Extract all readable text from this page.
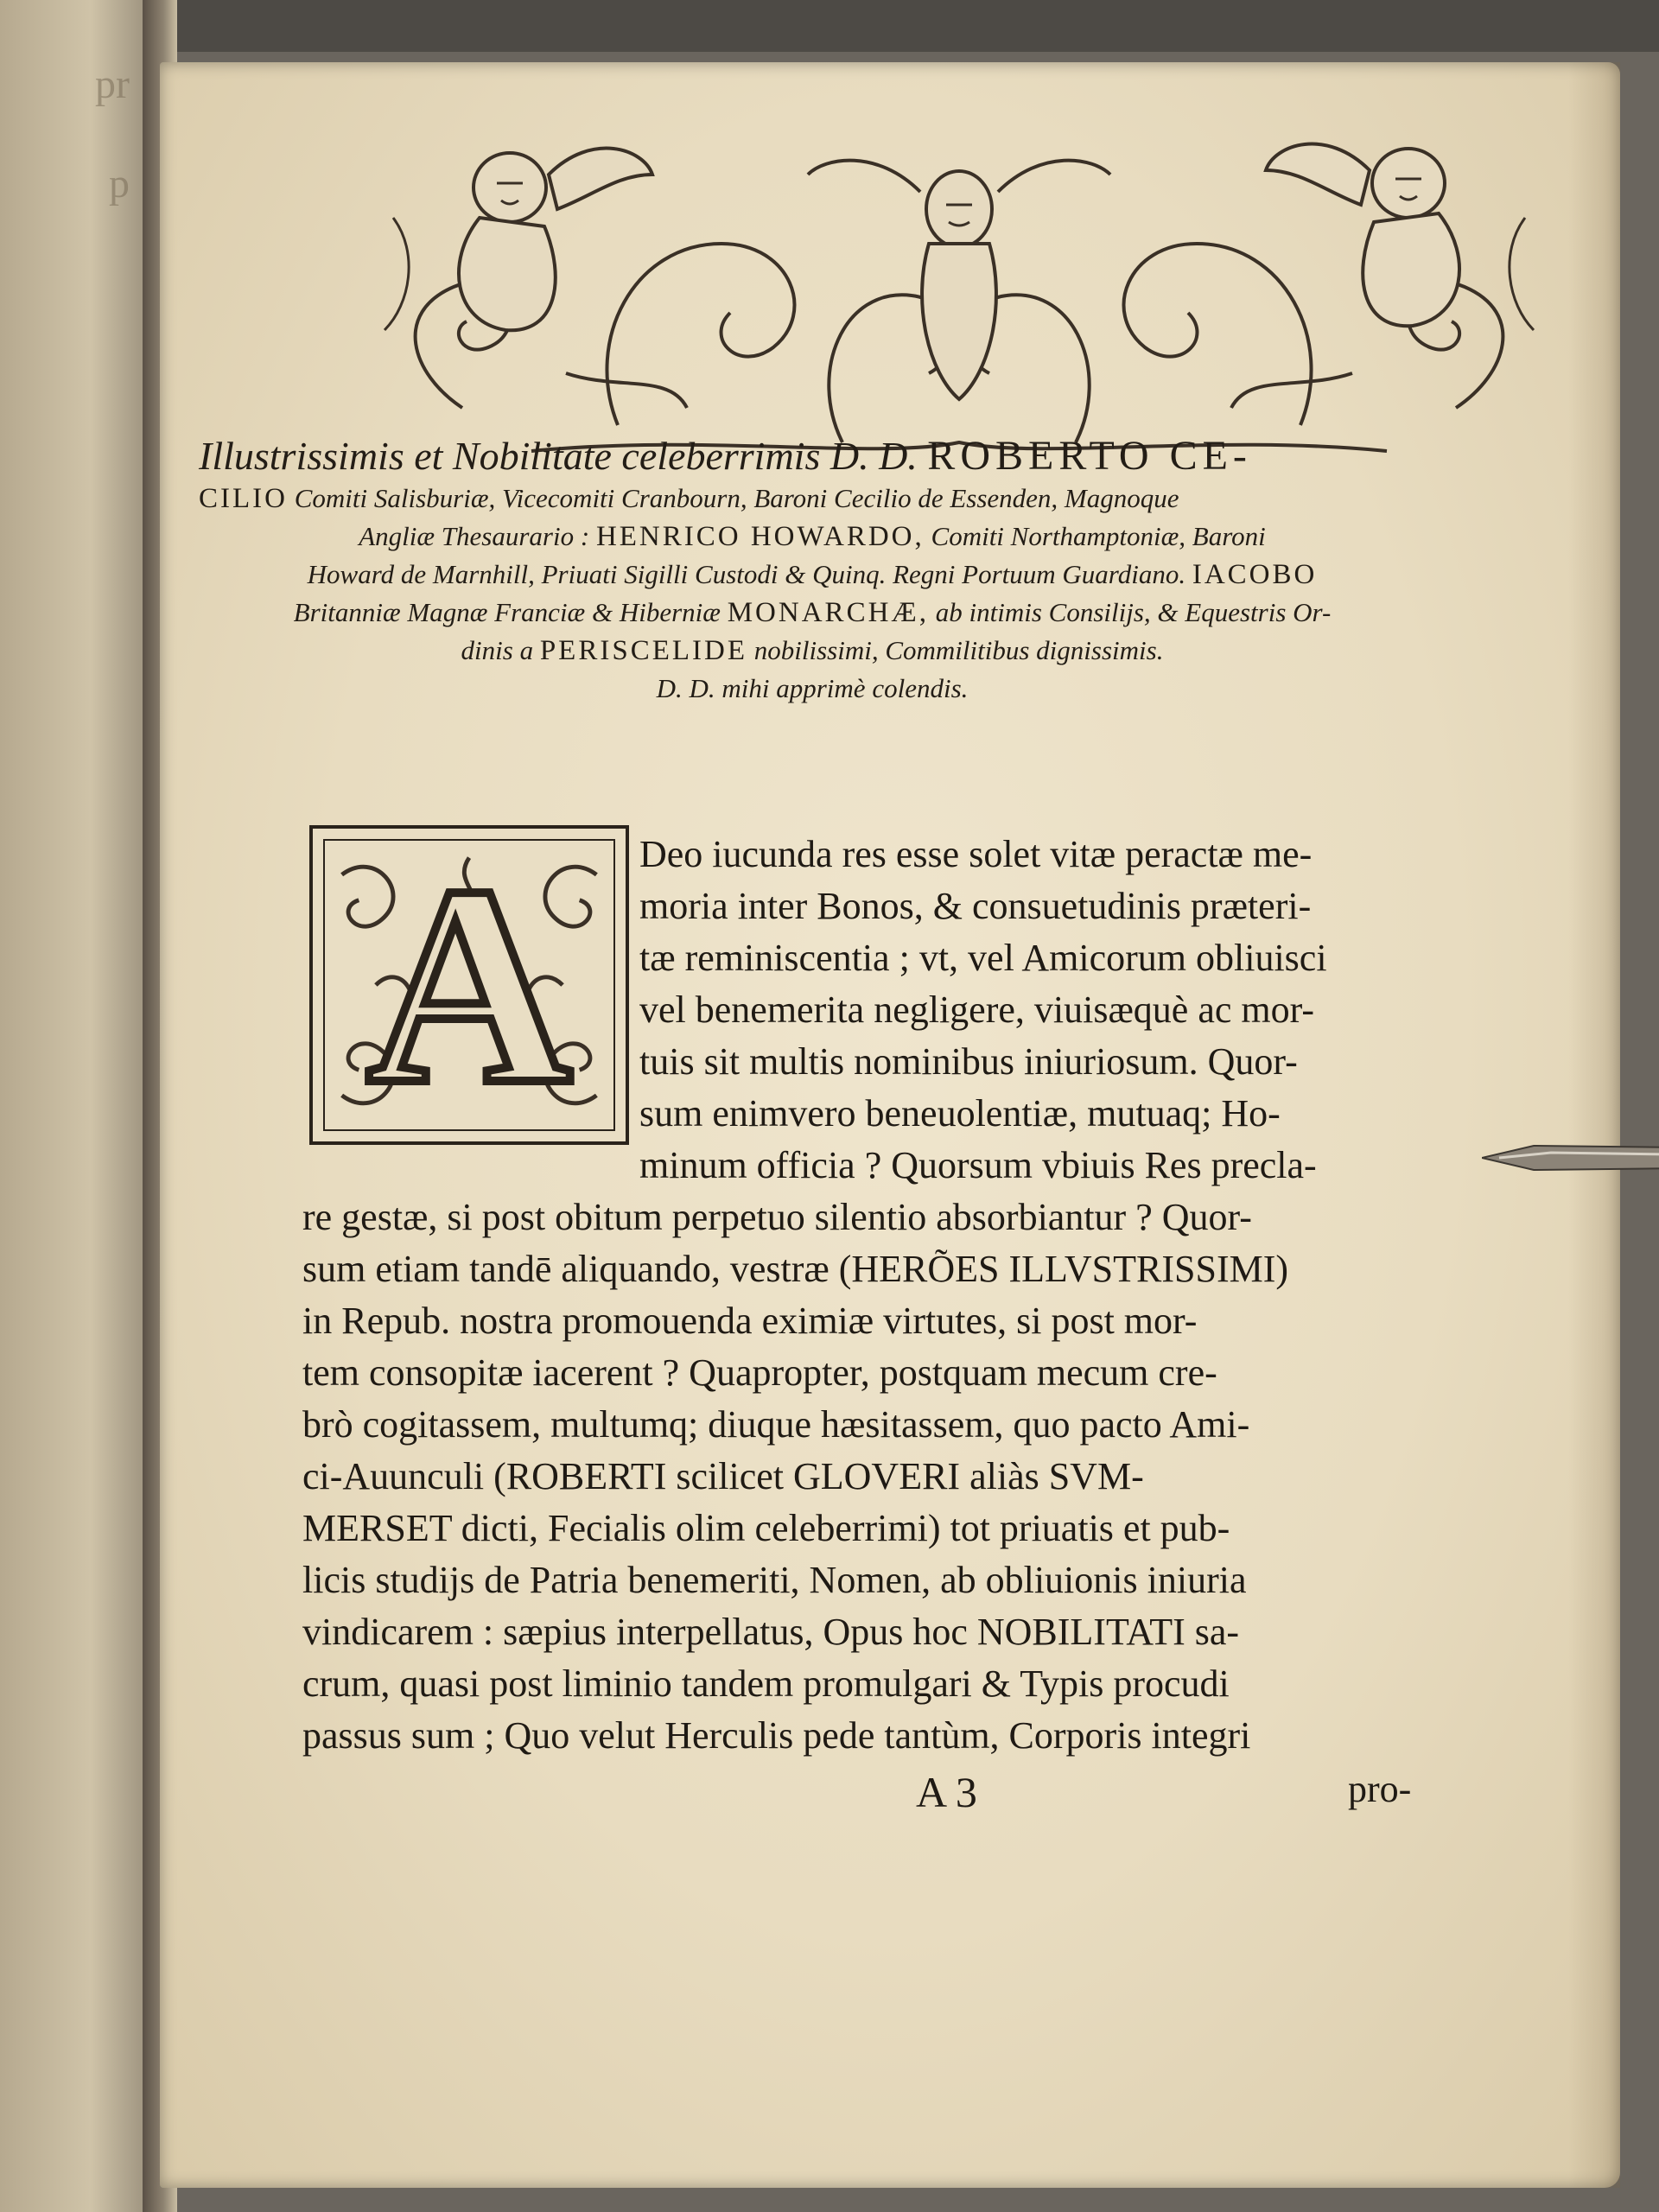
pr
p
Illustrissimis et Nobilitate celeberrimis D. D. ROBERTO CE-
CILIO Comiti Salisburiæ, Vicecomiti Cranbourn, Baroni Cecilio de Essenden, Magnoque
Angliæ Thesaurario : HENRICO HOWARDO, Comiti Northamptoniæ, Baroni
Howard de Marnhill, Priuati Sigilli Custodi & Quinq. Regni Portuum Guardiano. IACOBO
Britanniæ Magnæ Franciæ & Hiberniæ MONARCHÆ, ab intimis Consilijs, & Equestris Or-
dinis a PERISCELIDE nobilissimi, Commilitibus dignissimis.
D. D. mihi apprimè colendis.
A	Deo iucunda res esse solet vitæ peractæ me-
moria inter Bonos, & consuetudinis præteri-
tæ reminiscentia ; vt, vel Amicorum obliuisci
vel benemerita negligere, viuisæquè ac mor-
tuis sit multis nominibus iniuriosum. Quor-
sum enimvero beneuolentiæ, mutuaq; Ho-
minum officia ? Quorsum vbiuis Res preclа-
re gestæ, si post obitum perpetuo silentio absorbiantur ? Quor-
sum etiam tandē aliquando, vestræ (HERÕES ILLVSTRISSIMI)
in Repub. nostra promouenda eximiæ virtutes, si post mor-
tem consopitæ iacerent ? Quapropter, postquam mecum cre-
brò cogitassem, multumq; diuque hæsitassem, quo pacto Ami-
ci-Auunculi (ROBERTI scilicet GLOVERI aliàs SVM-
MERSET dicti, Fecialis olim celeberrimi) tot priuatis et pub-
licis studijs de Patria benemeriti, Nomen, ab obliuionis iniuria
vindicarem : sæpius interpellatus, Opus hoc NOBILITATI sa-
crum, quasi post liminio tandem promulgari & Typis procudi
passus sum ; Quo velut Herculis pede tantùm, Corporis integri
A 3	pro-
